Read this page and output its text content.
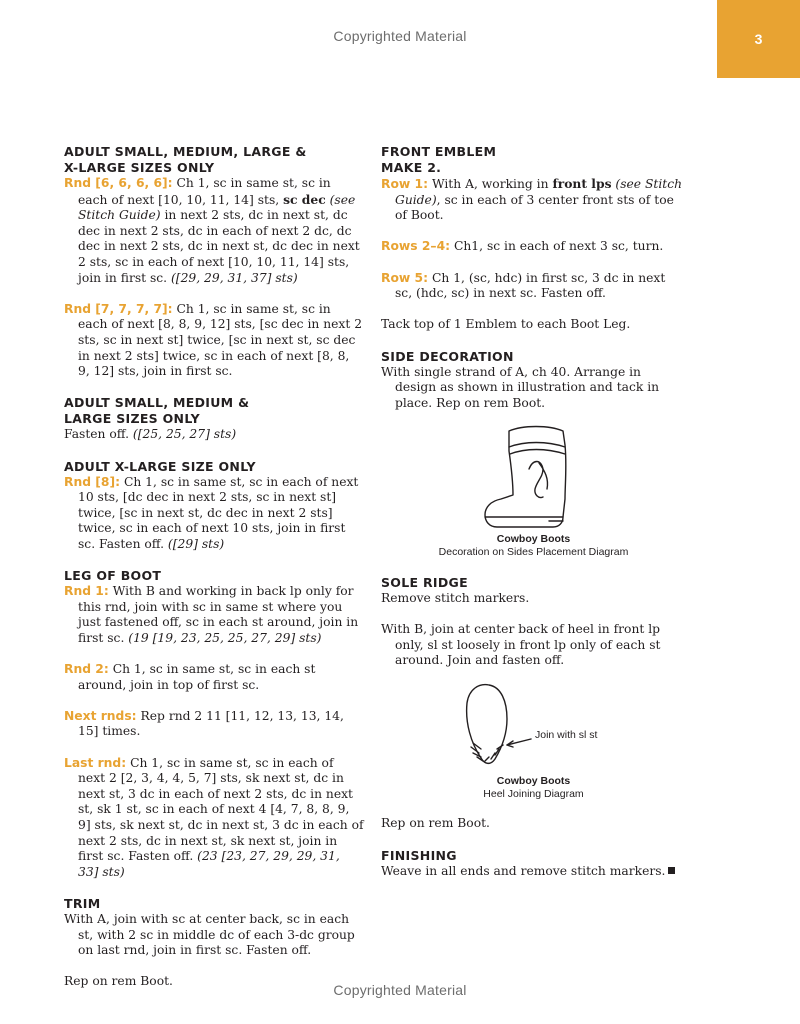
Copyrighted Material	3
ADULT SMALL, MEDIUM, LARGE &
X-LARGE SIZES ONLY

Rnd [6, 6, 6, 6]: Ch 1, sc in same st, sc in each of next [10, 10, 11, 14] sts, sc dec (see Stitch Guide) in next 2 sts, dc in next st, dc dec in next 2 sts, dc in each of next 2 dc, dc dec in next 2 sts, dc in next st, dc dec in next 2 sts, sc in each of next [10, 10, 11, 14] sts, join in first sc. ([29, 29, 31, 37] sts)

Rnd [7, 7, 7, 7]: Ch 1, sc in same st, sc in each of next [8, 8, 9, 12] sts, [sc dec in next 2 sts, sc in next st] twice, [sc in next st, sc dec in next 2 sts] twice, sc in each of next [8, 8, 9, 12] sts, join in first sc.

ADULT SMALL, MEDIUM &
LARGE SIZES ONLY

Fasten off. ([25, 25, 27] sts)

ADULT X-LARGE SIZE ONLY

Rnd [8]: Ch 1, sc in same st, sc in each of next 10 sts, [dc dec in next 2 sts, sc in next st] twice, [sc in next st, dc dec in next 2 sts] twice, sc in each of next 10 sts, join in first sc. Fasten off. ([29] sts)

LEG OF BOOT

Rnd 1: With B and working in back lp only for this rnd, join with sc in same st where you just fastened off, sc in each st around, join in first sc. (19 [19, 23, 25, 25, 27, 29] sts)

Rnd 2: Ch 1, sc in same st, sc in each st around, join in top of first sc.

Next rnds: Rep rnd 2 11 [11, 12, 13, 13, 14, 15] times.

Last rnd: Ch 1, sc in same st, sc in each of next 2 [2, 3, 4, 4, 5, 7] sts, sk next st, dc in next st, 3 dc in each of next 2 sts, dc in next st, sk 1 st, sc in each of next 4 [4, 7, 8, 8, 9, 9] sts, sk next st, dc in next st, 3 dc in each of next 2 sts, dc in next st, sk next st, join in first sc. Fasten off. (23 [23, 27, 29, 29, 31, 33] sts)

TRIM

With A, join with sc at center back, sc in each st, with 2 sc in middle dc of each 3-dc group on last rnd, join in first sc. Fasten off.

Rep on rem Boot.

FRONT EMBLEM
MAKE 2.

Row 1: With A, working in front lps (see Stitch Guide), sc in each of 3 center front sts of toe of Boot.

Rows 2–4: Ch1, sc in each of next 3 sc, turn.

Row 5: Ch 1, (sc, hdc) in first sc, 3 dc in next sc, (hdc, sc) in next sc. Fasten off.

Tack top of 1 Emblem to each Boot Leg.

SIDE DECORATION

With single strand of A, ch 40. Arrange in design as shown in illustration and tack in place. Rep on rem Boot.

Cowboy Boots
Decoration on Sides Placement Diagram
SOLE RIDGE

Remove stitch markers.

With B, join at center back of heel in front lp only, sl st loosely in front lp only of each st around. Join and fasten off.

Join with sl st
Cowboy Boots
Heel Joining Diagram

Rep on rem Boot.

FINISHING

Weave in all ends and remove stitch markers.

Copyrighted Material
